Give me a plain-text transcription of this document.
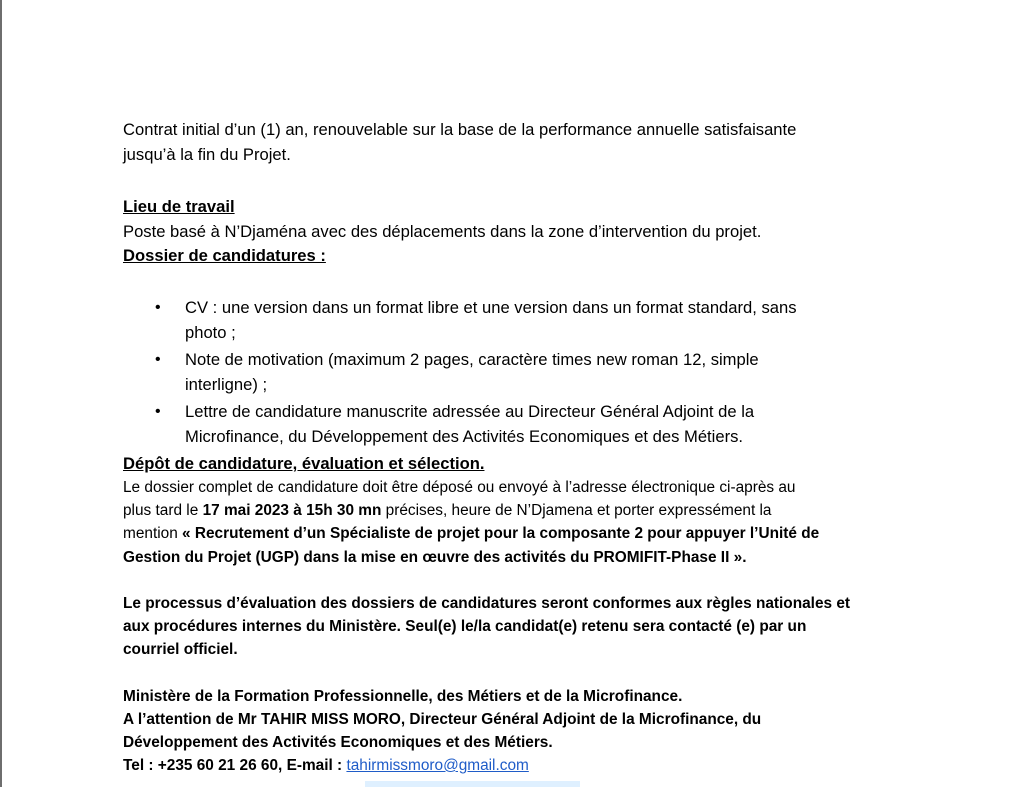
Contrat initial d’un (1) an, renouvelable sur la base de la performance annuelle satisfaisante
jusqu’à la fin du Projet.
Lieu de travail
Poste basé à N’Djaména avec des déplacements dans la zone d’intervention du projet.
Dossier de candidatures :
• CV : une version dans un format libre et une version dans un format standard, sans
photo ;
• Note de motivation (maximum 2 pages, caractère times new roman 12, simple
interligne) ;
• Lettre de candidature manuscrite adressée au Directeur Général Adjoint de la
Microfinance, du Développement des Activités Economiques et des Métiers.
Dépôt de candidature, évaluation et sélection.
Le dossier complet de candidature doit être déposé ou envoyé à l’adresse électronique ci-après au
plus tard le 17 mai 2023 à 15h 30 mn précises, heure de N’Djamena et porter expressément la
mention « Recrutement d’un Spécialiste de projet pour la composante 2 pour appuyer l’Unité de
Gestion du Projet (UGP) dans la mise en œuvre des activités du PROMIFIT-Phase II ».
Le processus d’évaluation des dossiers de candidatures seront conformes aux règles nationales et
aux procédures internes du Ministère. Seul(e) le/la candidat(e) retenu sera contacté (e) par un
courriel officiel.
Ministère de la Formation Professionnelle, des Métiers et de la Microfinance.
A l’attention de Mr TAHIR MISS MORO, Directeur Général Adjoint de la Microfinance, du
Développement des Activités Economiques et des Métiers.
Tel : +235 60 21 26 60, E-mail : tahirmissmoro@gmail.com
